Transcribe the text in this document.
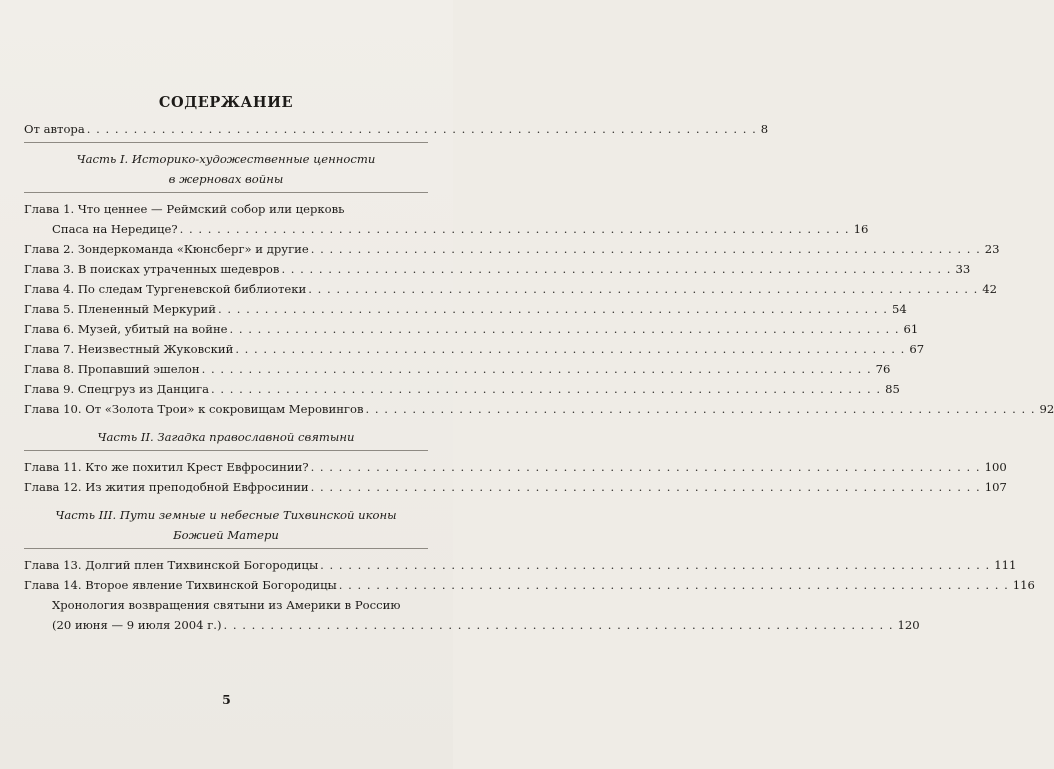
СОДЕРЖАНИЕ
От автора . . .	8
Часть I. Историко-художественные ценности
в жерновах войны
Глава 1. Что ценнее — Реймский собор или церковь
Спаса на Нередице? . . .	16
Глава 2. Зондеркоманда «Кюнсберг» и другие . . .	23
Глава 3. В поисках утраченных шедевров . . .	33
Глава 4. По следам Тургеневской библиотеки . . .	42
Глава 5. Плененный Меркурий . . .	54
Глава 6. Музей, убитый на войне . . .	61
Глава 7. Неизвестный Жуковский . . .	67
Глава 8. Пропавший эшелон . . .	76
Глава 9. Спецгруз из Данцига . . .	85
Глава 10. От «Золота Трои» к сокровищам Меровингов . . .	92
Часть II. Загадка православной святыни
Глава 11. Кто же похитил Крест Евфросинии? . . .	100
Глава 12. Из жития преподобной Евфросинии . . .	107
Часть III. Пути земные и небесные Тихвинской иконы
Божией Матери
Глава 13. Долгий плен Тихвинской Богородицы . . .	111
Глава 14. Второе явление Тихвинской Богородицы . . .	116
Хронология возвращения святыни из Америки в Россию
(20 июня — 9 июля 2004 г.) . . .	120
5
